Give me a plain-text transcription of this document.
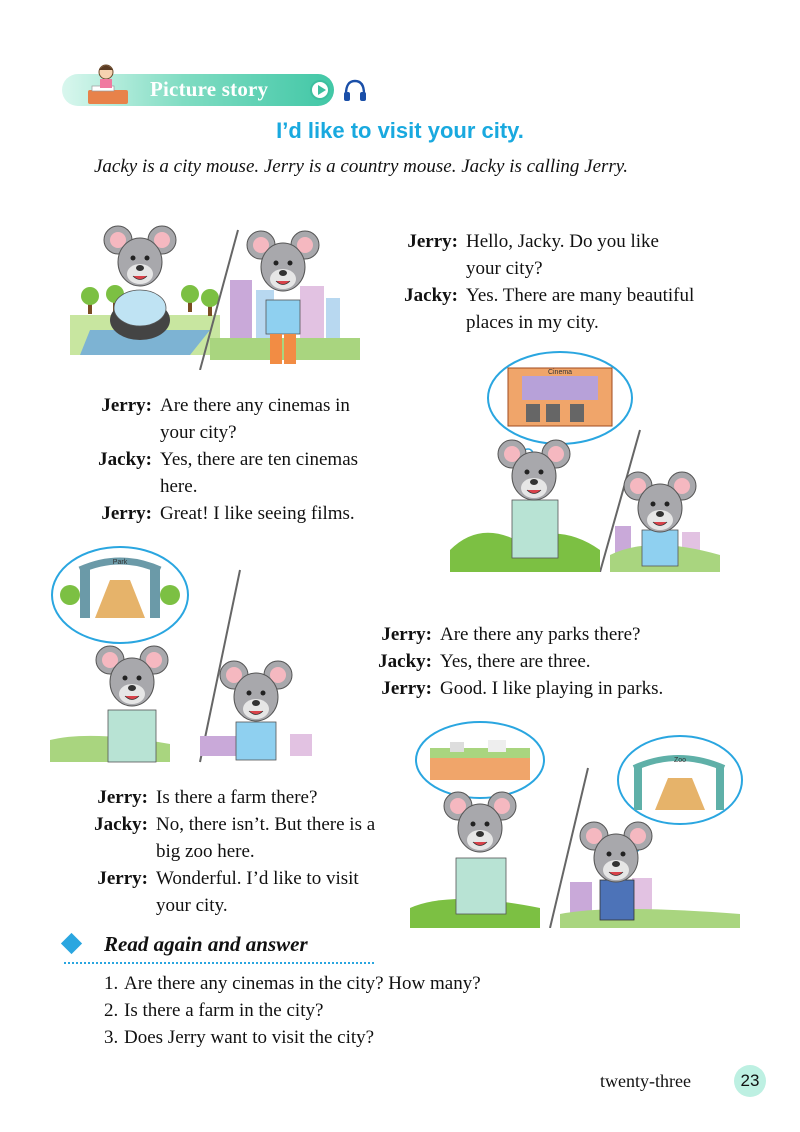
Picture story
I’d like to visit your city.
Jacky is a city mouse. Jerry is a country mouse. Jacky is calling Jerry.
Jerry: Hello, Jacky. Do you like
your city?
Jacky: Yes. There are many beautiful
places in my city.
Jerry: Are there any cinemas in
your city?
Jacky: Yes, there are ten cinemas
here.
Jerry: Great! I like seeing films.
Cinema
Park
Jerry: Are there any parks there?
Jacky: Yes, there are three.
Jerry: Good. I like playing in parks.
Zoo
Jerry: Is there a farm there?
Jacky: No, there isn’t. But there is a
big zoo here.
Jerry: Wonderful. I’d like to visit
your city.
Read again and answer
1. Are there any cinemas in the city? How many?
2. Is there a farm in the city?
3. Does Jerry want to visit the city?
twenty-three	23
